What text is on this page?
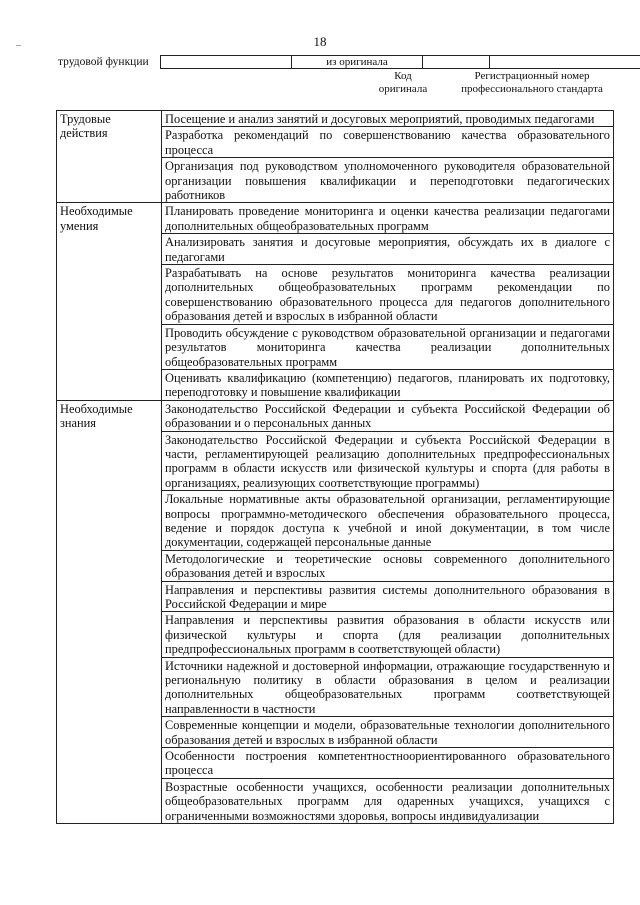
–	18
трудовой функции	из оригинала
Код
оригинала
Регистрационный номер
профессионального стандарта
Трудовые действия	Посещение и анализ занятий и досуговых мероприятий, проводимых педагогами
	Разработка рекомендаций по совершенствованию качества образовательного процесса
	Организация под руководством уполномоченного руководителя образовательной организации повышения квалификации и переподготовки педагогических работников
Необходимые умения	Планировать проведение мониторинга и оценки качества реализации педагогами дополнительных общеобразовательных программ
	Анализировать занятия и досуговые мероприятия, обсуждать их в диалоге с педагогами
	Разрабатывать на основе результатов мониторинга качества реализации дополнительных общеобразовательных программ рекомендации по совершенствованию образовательного процесса для педагогов дополнительного образования детей и взрослых в избранной области
	Проводить обсуждение с руководством образовательной организации и педагогами результатов мониторинга качества реализации дополнительных общеобразовательных программ
	Оценивать квалификацию (компетенцию) педагогов, планировать их подготовку, переподготовку и повышение квалификации
Необходимые знания	Законодательство Российской Федерации и субъекта Российской Федерации об образовании и о персональных данных
	Законодательство Российской Федерации и субъекта Российской Федерации в части, регламентирующей реализацию дополнительных предпрофессиональных программ в области искусств или физической культуры и спорта (для работы в организациях, реализующих соответствующие программы)
	Локальные нормативные акты образовательной организации, регламентирующие вопросы программно-методического обеспечения образовательного процесса, ведение и порядок доступа к учебной и иной документации, в том числе документации, содержащей персональные данные
	Методологические и теоретические основы современного дополнительного образования детей и взрослых
	Направления и перспективы развития системы дополнительного образования в Российской Федерации и мире
	Направления и перспективы развития образования в области искусств или физической культуры и спорта (для реализации дополнительных предпрофессиональных программ в соответствующей области)
	Источники надежной и достоверной информации, отражающие государственную и региональную политику в области образования в целом и реализации дополнительных общеобразовательных программ соответствующей направленности в частности
	Современные концепции и модели, образовательные технологии дополнительного образования детей и взрослых в избранной области
	Особенности построения компетентностноориентированного образовательного процесса
	Возрастные особенности учащихся, особенности реализации дополнительных общеобразовательных программ для одаренных учащихся, учащихся с ограниченными возможностями здоровья, вопросы индивидуализации
